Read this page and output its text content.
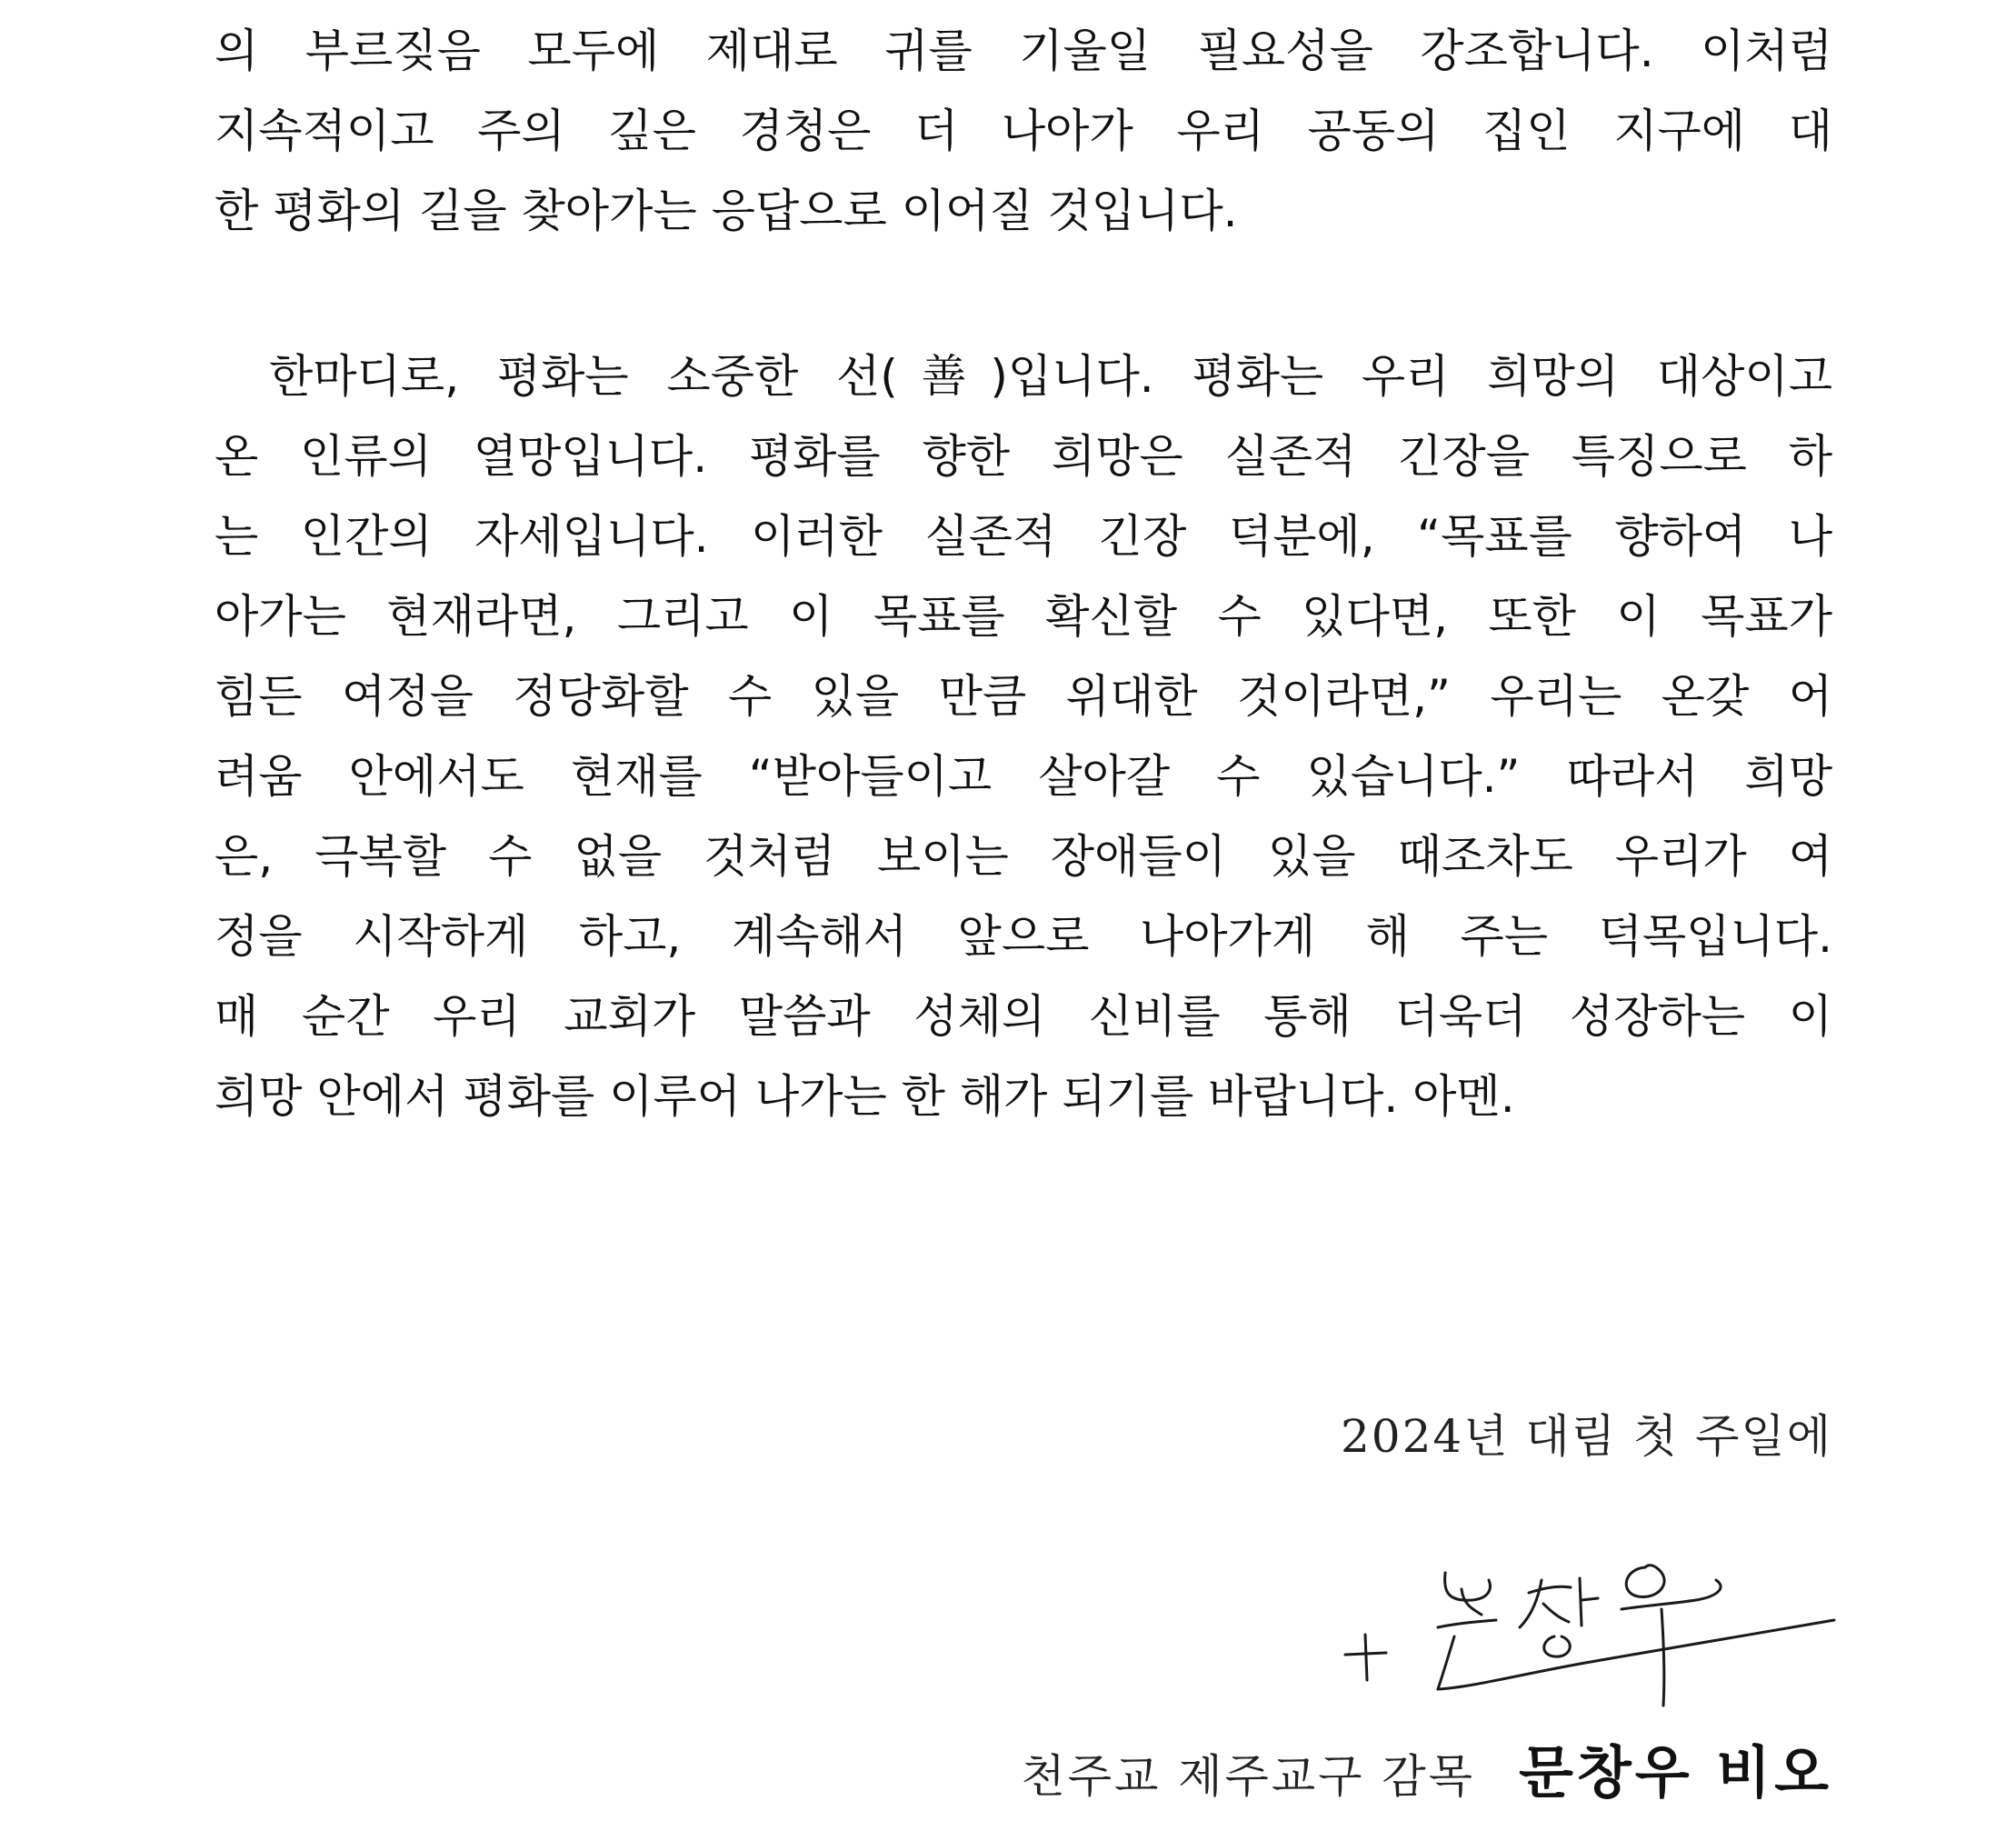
의 부르짖음 모두에 제대로 귀를 기울일 필요성을 강조합니다. 이처럼
지속적이고 주의 깊은 경청은 더 나아가 우리 공동의 집인 지구에 대
한 평화의 길을 찾아가는 응답으로 이어질 것입니다.
한마디로, 평화는 소중한 선(善)입니다. 평화는 우리 희망의 대상이고
온 인류의 열망입니다. 평화를 향한 희망은 실존적 긴장을 특징으로 하
는 인간의 자세입니다. 이러한 실존적 긴장 덕분에, “목표를 향하여 나
아가는 현재라면, 그리고 이 목표를 확신할 수 있다면, 또한 이 목표가
힘든 여정을 정당화할 수 있을 만큼 위대한 것이라면,” 우리는 온갖 어
려움 안에서도 현재를 “받아들이고 살아갈 수 있습니다.” 따라서 희망
은, 극복할 수 없을 것처럼 보이는 장애들이 있을 때조차도 우리가 여
정을 시작하게 하고, 계속해서 앞으로 나아가게 해 주는 덕목입니다.
매 순간 우리 교회가 말씀과 성체의 신비를 통해 더욱더 성장하는 이
희망 안에서 평화를 이루어 나가는 한 해가 되기를 바랍니다. 아멘.
2024년 대림 첫 주일에
천주교 제주교구 감목 문창우 비오
